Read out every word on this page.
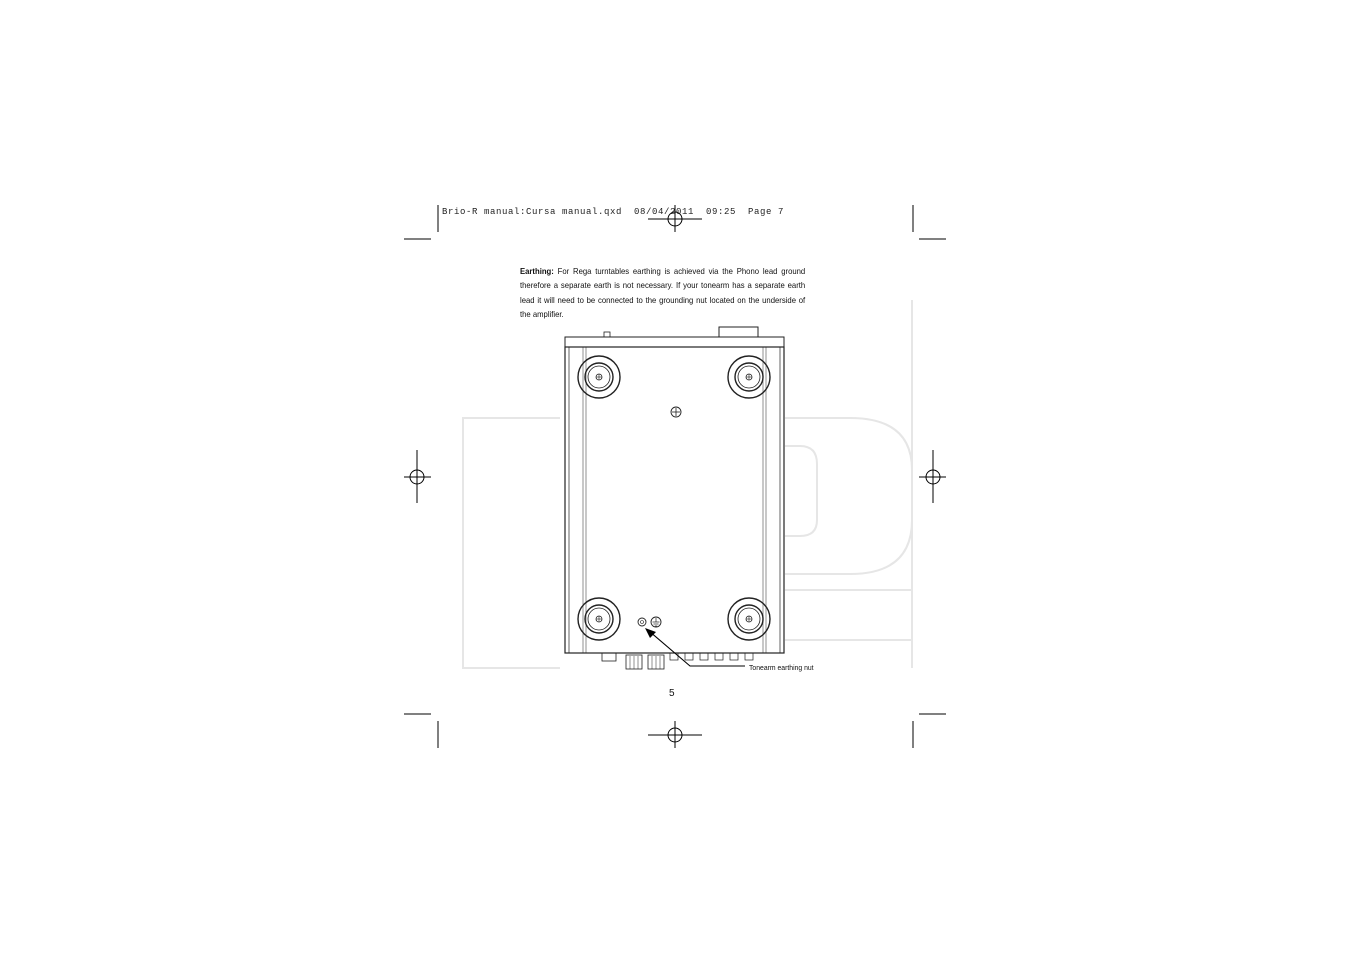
Brio-R manual:Cursa manual.qxd  08/04/2011  09:25  Page 7
Earthing: For Rega turntables earthing is achieved via the Phono lead ground therefore a separate earth is not necessary. If your tonearm has a separate earth lead it will need to be connected to the grounding nut located on the underside of the amplifier.
Tonearm earthing nut
5
